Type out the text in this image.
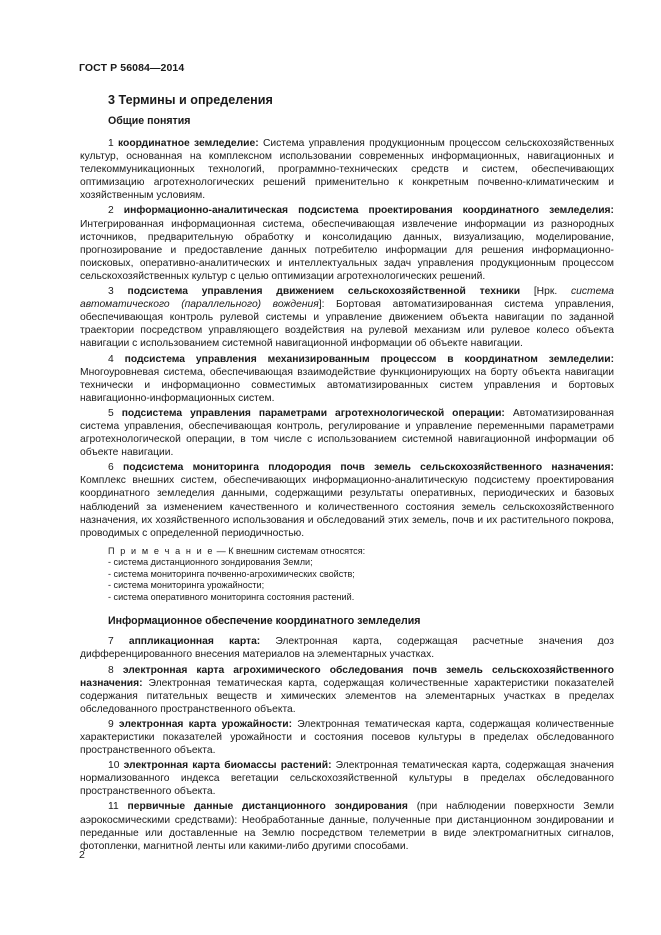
ГОСТ Р 56084—2014
3 Термины и определения
Общие понятия

1 координатное земледелие: Система управления продукционным процессом сельскохозяйственных культур, основанная на комплексном использовании современных информационных, навигационных и телекоммуникационных технологий, программно-технических средств и систем, обеспечивающих оптимизацию агротехнологических решений применительно к конкретным почвенно-климатическим и хозяйственным условиям.

2 информационно-аналитическая подсистема проектирования координатного земледелия: Интегрированная информационная система, обеспечивающая извлечение информации из разнородных источников, предварительную обработку и консолидацию данных, визуализацию, моделирование, прогнозирование и предоставление данных потребителю информации для решения информационно-поисковых, оперативно-аналитических и интеллектуальных задач управления продукционным процессом сельскохозяйственных культур с целью оптимизации агротехнологических решений.

3 подсистема управления движением сельскохозяйственной техники [Нрк. система автоматического (параллельного) вождения]: Бортовая автоматизированная система управления, обеспечивающая контроль рулевой системы и управление движением объекта навигации по заданной траектории посредством управляющего воздействия на рулевой механизм или рулевое колесо объекта навигации с использованием системной навигационной информации об объекте навигации.

4 подсистема управления механизированным процессом в координатном земледелии: Многоуровневая система, обеспечивающая взаимодействие функционирующих на борту объекта навигации технически и информационно совместимых автоматизированных систем управления и бортовых навигационно-информационных систем.

5 подсистема управления параметрами агротехнологической операции: Автоматизированная система управления, обеспечивающая контроль, регулирование и управление переменными параметрами агротехнологической операции, в том числе с использованием системной навигационной информации об объекте навигации.

6 подсистема мониторинга плодородия почв земель сельскохозяйственного назначения: Комплекс внешних систем, обеспечивающих информационно-аналитическую подсистему проектирования координатного земледелия данными, содержащими результаты оперативных, периодических и базовых наблюдений за изменением качественного и количественного состояния земель сельскохозяйственного назначения, их хозяйственного использования и обследований этих земель, почв и их растительного покрова, проводимых с определенной периодичностью.

П р и м е ч а н и е — К внешним системам относятся:
- система дистанционного зондирования Земли;
- система мониторинга почвенно-агрохимических свойств;
- система мониторинга урожайности;
- система оперативного мониторинга состояния растений.
Информационное обеспечение координатного земледелия

7 аппликационная карта: Электронная карта, содержащая расчетные значения доз дифференцированного внесения материалов на элементарных участках.

8 электронная карта агрохимического обследования почв земель сельскохозяйственного назначения: Электронная тематическая карта, содержащая количественные характеристики показателей содержания питательных веществ и химических элементов на элементарных участках в пределах обследованного пространственного объекта.

9 электронная карта урожайности: Электронная тематическая карта, содержащая количественные характеристики показателей урожайности и состояния посевов культуры в пределах обследованного пространственного объекта.

10 электронная карта биомассы растений: Электронная тематическая карта, содержащая значения нормализованного индекса вегетации сельскохозяйственной культуры в пределах обследованного пространственного объекта.

11 первичные данные дистанционного зондирования (при наблюдении поверхности Земли аэрокосмическими средствами): Необработанные данные, полученные при дистанционном зондировании и переданные или доставленные на Землю посредством телеметрии в виде электромагнитных сигналов, фотопленки, магнитной ленты или какими-либо другими способами.

2
